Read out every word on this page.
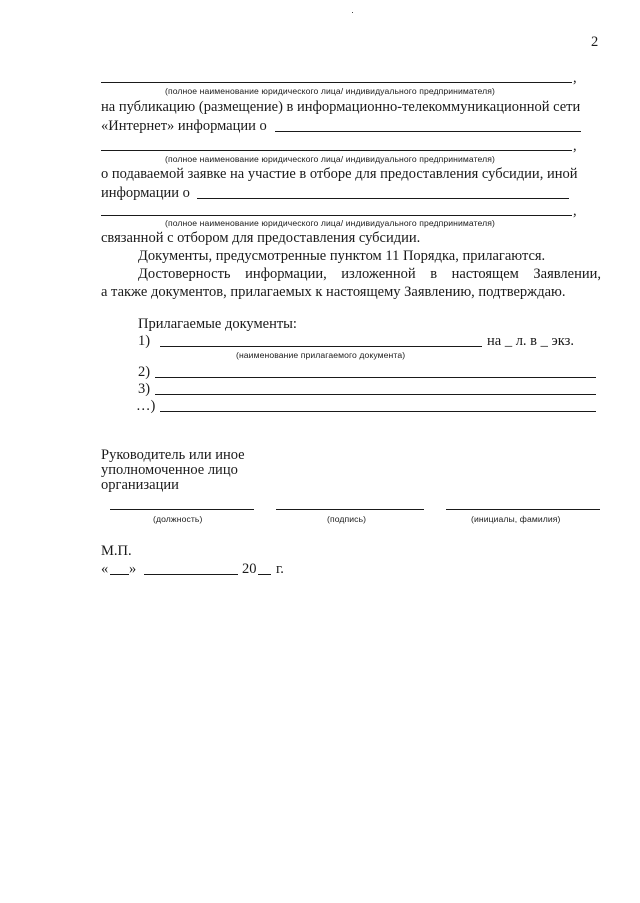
2
,
(полное наименование юридического лица/ индивидуального предпринимателя)
на публикацию (размещение) в информационно-телекоммуникационной сети
«Интернет» информации о
,
(полное наименование юридического лица/ индивидуального предпринимателя)
о подаваемой заявке на участие в отборе для предоставления субсидии, иной
информации о
,
(полное наименование юридического лица/ индивидуального предпринимателя)
связанной с отбором для предоставления субсидии.
Документы, предусмотренные пунктом 11 Порядка, прилагаются.
Достоверность информации, изложенной в настоящем Заявлении,
а также документов, прилагаемых к настоящему Заявлению, подтверждаю.
Прилагаемые документы:
1)	на _ л. в _ экз.
(наименование прилагаемого документа)
2)
3)
…)
Руководитель или иное
уполномоченное лицо
организации
(должность)	(подпись)	(инициалы, фамилия)
М.П.
« »	20 г.
